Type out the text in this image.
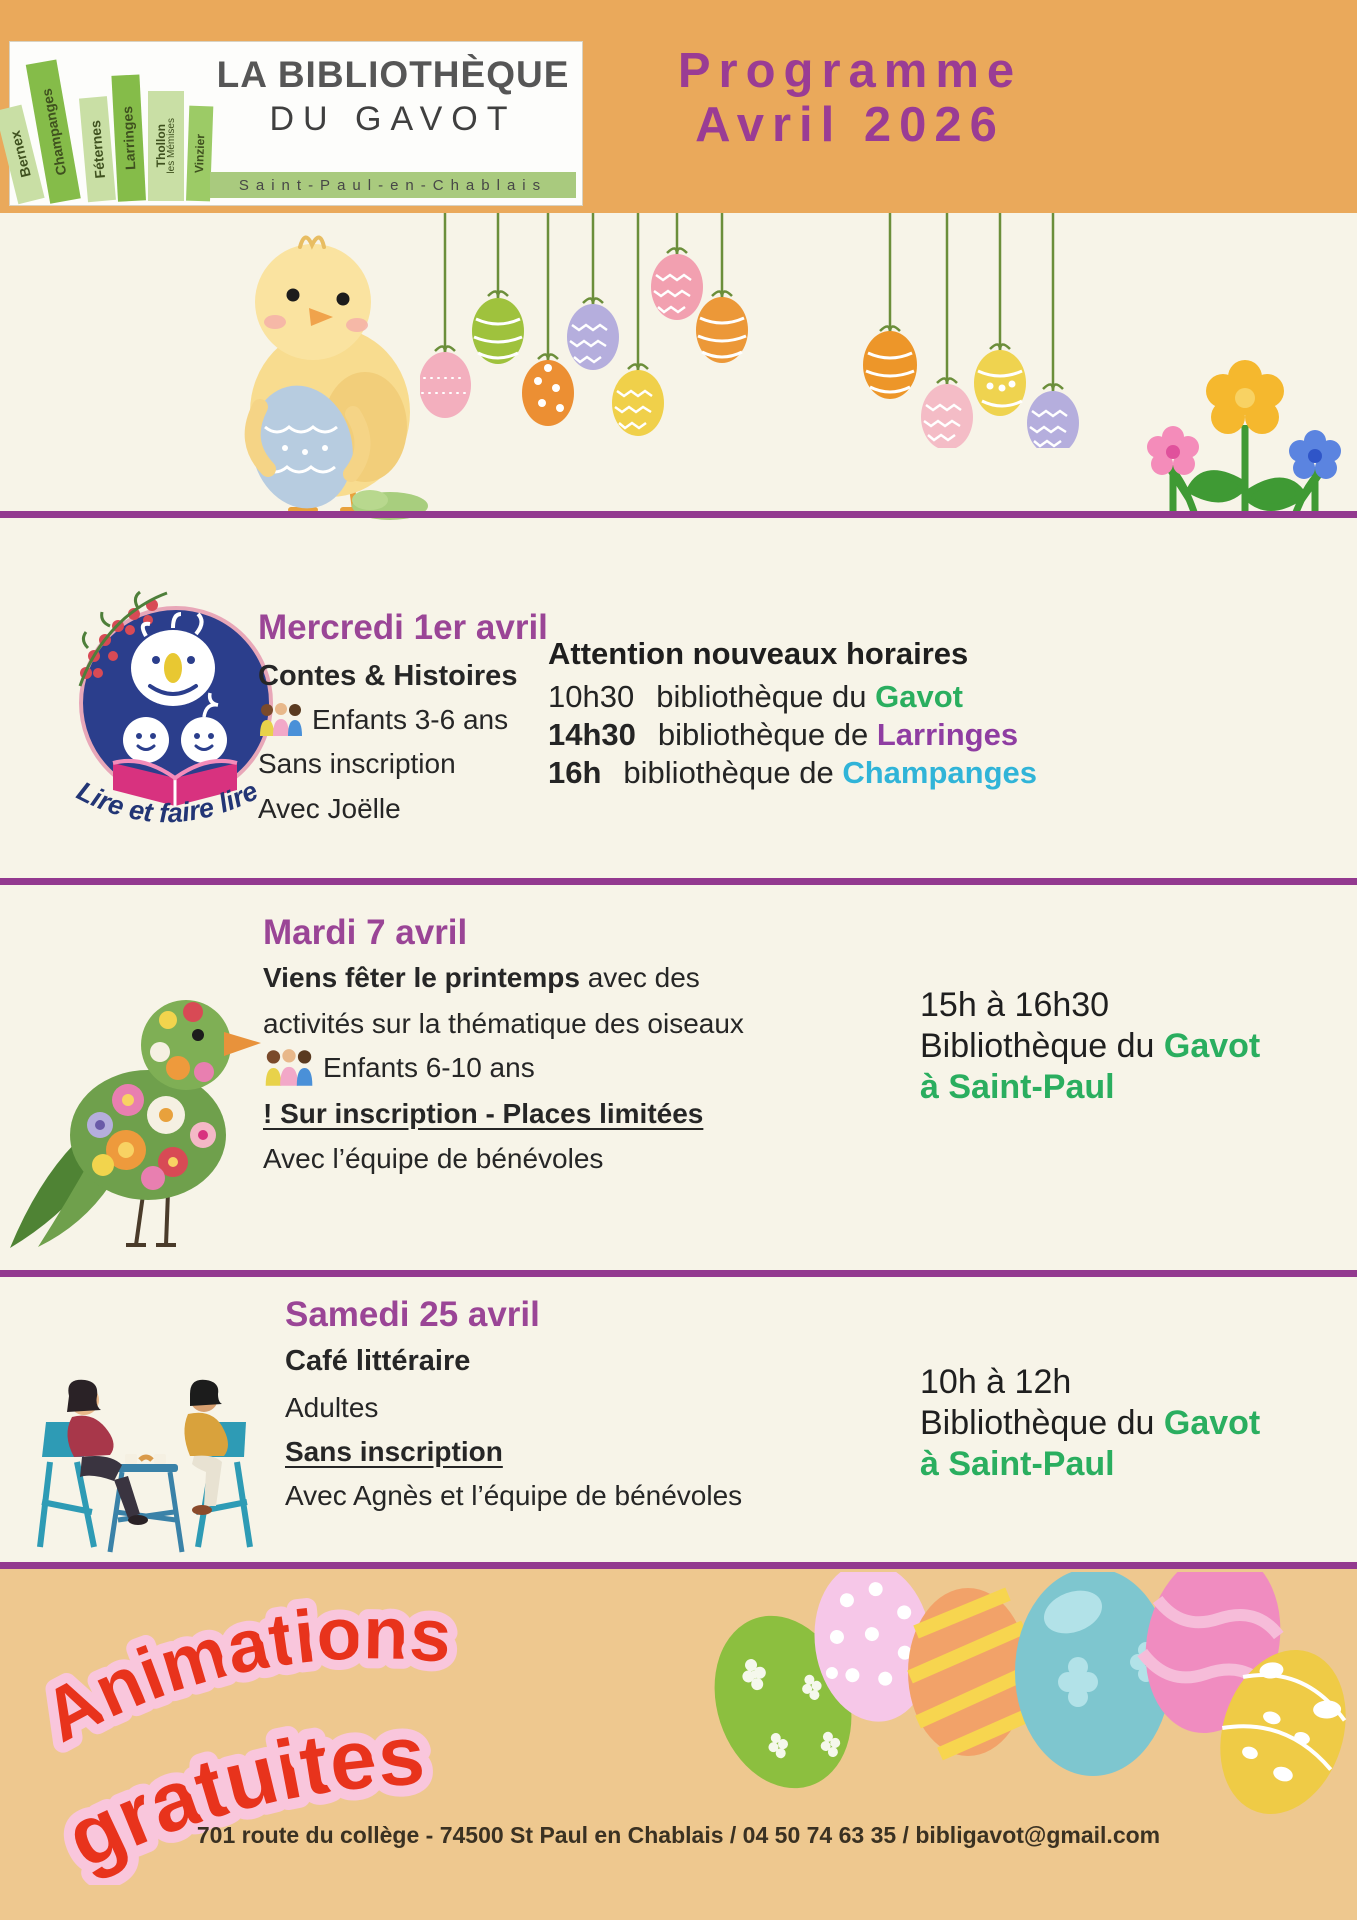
Bernex Champanges Féternes Larringes Thollon
les Mémises Vinzier
LA BIBLIOTHÈQUE
DU GAVOT
Saint-Paul-en-Chablais
Programme
Avril 2026
Lire et faire lire
Mercredi 1er avril
Contes & Histoires
Enfants 3-6 ans
Sans inscription
Avec Joëlle
Attention nouveaux horaires
10h30 bibliothèque du Gavot
14h30 bibliothèque de Larringes
16h bibliothèque de Champanges
Mardi 7 avril
Viens fêter le printemps avec des
activités sur la thématique des oiseaux
Enfants 6-10 ans
! Sur inscription - Places limitées
Avec l’équipe de bénévoles
15h à 16h30
Bibliothèque du Gavot
à Saint-Paul
Samedi 25 avril
Café littéraire
Adultes
Sans inscription
Avec Agnès et l’équipe de bénévoles
10h à 12h
Bibliothèque du Gavot
à Saint-Paul
Animations
gratuites
701 route du collège - 74500 St Paul en Chablais / 04 50 74 63 35 / bibligavot@gmail.com
